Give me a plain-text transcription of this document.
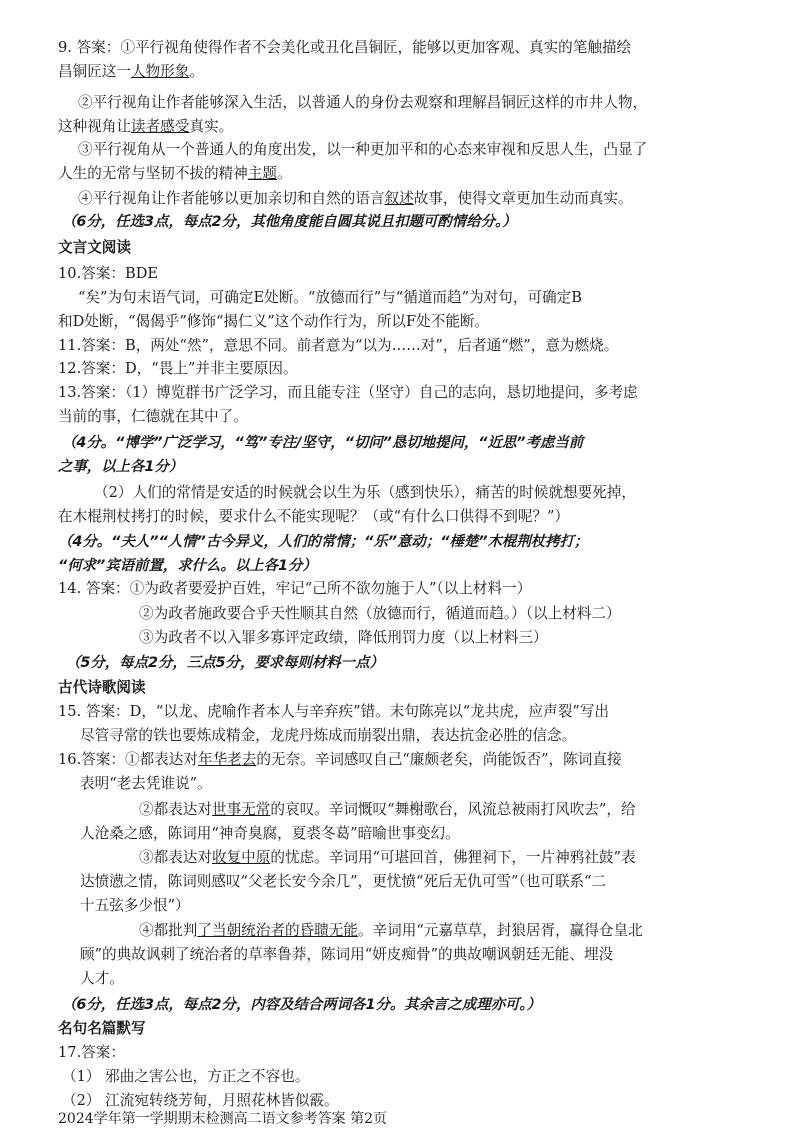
9. 答案：①平行视角使得作者不会美化或丑化昌铜匠，能够以更加客观、真实的笔触描绘
昌铜匠这一人物形象。
②平行视角让作者能够深入生活，以普通人的身份去观察和理解昌铜匠这样的市井人物，
这种视角让读者感受真实。
③平行视角从一个普通人的角度出发，以一种更加平和的心态来审视和反思人生，凸显了
人生的无常与坚韧不拔的精神主题。
④平行视角让作者能够以更加亲切和自然的语言叙述故事，使得文章更加生动而真实。
（6分，任选3点，每点2分，其他角度能自圆其说且扣题可酌情给分。）
文言文阅读
10.答案：BDE
“矣”为句末语气词，可确定E处断。“放德而行”与“循道而趋”为对句，可确定B
和D处断，“偈偈乎”修饰“揭仁义”这个动作行为，所以F处不能断。
11.答案：B，两处“然”，意思不同。前者意为“以为……对”，后者通“燃”，意为燃烧。
12.答案：D，“畏上”并非主要原因。
13.答案：（1）博览群书广泛学习，而且能专注（坚守）自己的志向，恳切地提问，多考虑
当前的事，仁德就在其中了。
（4分。“博学”广泛学习，“笃”专注/坚守，“切问”恳切地提问，“近思”考虑当前
之事，以上各1分）
（2）人们的常情是安适的时候就会以生为乐（感到快乐），痛苦的时候就想要死掉，
在木棍荆杖拷打的时候，要求什么不能实现呢？（或“有什么口供得不到呢？”）
（4分。“夫人”“人情”古今异义，人们的常情；“乐”意动；“棰楚”木棍荆杖拷打；
“何求”宾语前置，求什么。以上各1分）
14. 答案：①为政者要爱护百姓，牢记“己所不欲勿施于人”（以上材料一）
②为政者施政要合乎天性顺其自然（放德而行，循道而趋。）（以上材料二）
③为政者不以入罪多寡评定政绩，降低刑罚力度（以上材料三）
（5分，每点2分，三点5分，要求每则材料一点）
古代诗歌阅读
15. 答案：D，“以龙、虎喻作者本人与辛弃疾”错。末句陈亮以“龙共虎，应声裂”写出
尽管寻常的铁也要炼成精金，龙虎丹炼成而崩裂出鼎，表达抗金必胜的信念。
16.答案：①都表达对年华老去的无奈。辛词感叹自己“廉颇老矣，尚能饭否”，陈词直接
表明“老去凭谁说”。
②都表达对世事无常的哀叹。辛词慨叹“舞榭歌台，风流总被雨打风吹去”，给
人沧桑之感，陈词用“神奇臭腐，夏裘冬葛”暗喻世事变幻。
③都表达对收复中原的忧虑。辛词用“可堪回首，佛狸祠下，一片神鸦社鼓”表
达愤懑之情，陈词则感叹“父老长安今余几”，更忧愤“死后无仇可雪”（也可联系“二
十五弦多少恨”）
④都批判了当朝统治者的昏聩无能。辛词用“元嘉草草，封狼居胥，赢得仓皇北
顾”的典故讽刺了统治者的草率鲁莽，陈词用“妍皮痴骨”的典故嘲讽朝廷无能、埋没
人才。
（6分，任选3点，每点2分，内容及结合两词各1分。其余言之成理亦可。）
名句名篇默写
17.答案：
（1） 邪曲之害公也，方正之不容也。
（2） 江流宛转绕芳甸，月照花林皆似霰。
2024学年第一学期期末检测高二语文参考答案 第2页
